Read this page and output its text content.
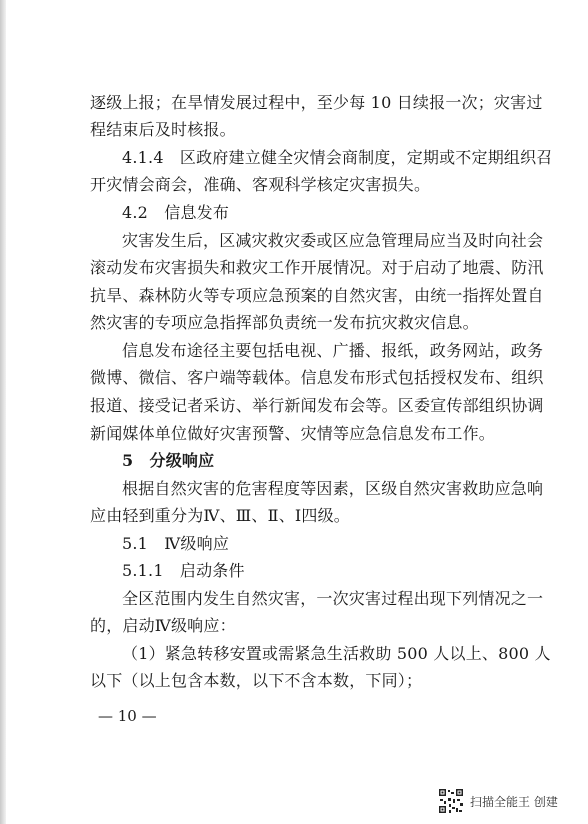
逐级上报；在旱情发展过程中，至少每 10 日续报一次；灾害过
程结束后及时核报。
4.1.4　区政府建立健全灾情会商制度，定期或不定期组织召
开灾情会商会，准确、客观科学核定灾害损失。
4.2　信息发布
灾害发生后，区减灾救灾委或区应急管理局应当及时向社会
滚动发布灾害损失和救灾工作开展情况。对于启动了地震、防汛
抗旱、森林防火等专项应急预案的自然灾害，由统一指挥处置自
然灾害的专项应急指挥部负责统一发布抗灾救灾信息。
信息发布途径主要包括电视、广播、报纸，政务网站，政务
微博、微信、客户端等载体。信息发布形式包括授权发布、组织
报道、接受记者采访、举行新闻发布会等。区委宣传部组织协调
新闻媒体单位做好灾害预警、灾情等应急信息发布工作。
5　分级响应
根据自然灾害的危害程度等因素，区级自然灾害救助应急响
应由轻到重分为Ⅳ、Ⅲ、Ⅱ、Ⅰ四级。
5.1　Ⅳ级响应
5.1.1　启动条件
全区范围内发生自然灾害，一次灾害过程出现下列情况之一
的，启动Ⅳ级响应：
（1）紧急转移安置或需紧急生活救助 500 人以上、800 人
以下（以上包含本数，以下不含本数，下同）；
— 10 —
扫描全能王 创建
